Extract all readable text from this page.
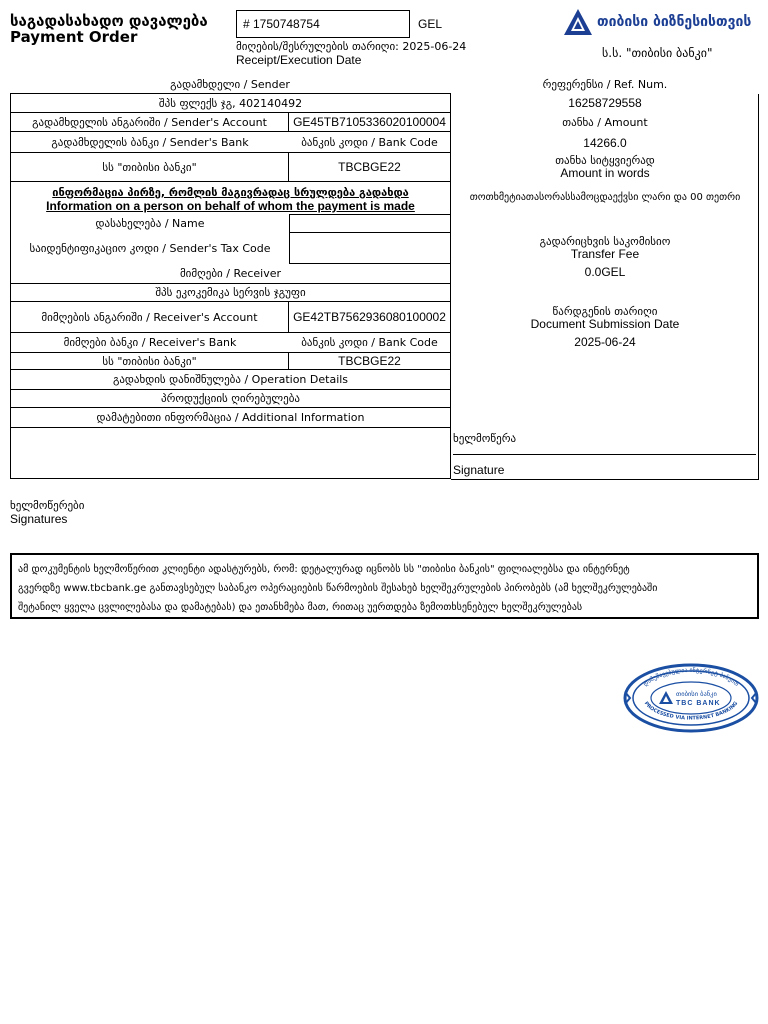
საგადასახადო დავალება
Payment Order
# 1750748754	GEL
მიღების/შესრულების თარიღი: 2025-06-24
Receipt/Execution Date
თიბისი ბიზნესისთვის
ს.ს. "თიბისი ბანკი"
გადამხდელი / Sender
შპს ფლექს ჯგ, 402140492
გადამხდელის ანგარიში / Sender's Account	GE45TB7105336020100004
გადამხდელის ბანკი / Sender's Bank	ბანკის კოდი / Bank Code
სს "თიბისი ბანკი"	TBCBGE22
ინფორმაცია პირზე, რომლის მაგივრადაც სრულდება გადახდა
Information on a person on behalf of whom the payment is made
დასახელება / Name
საიდენტიფიკაციო კოდი / Sender's Tax Code
მიმღები / Receiver
შპს ეკოკემიკა სერვის ჯგუფი
მიმღების ანგარიში / Receiver's Account	GE42TB7562936080100002
მიმღები ბანკი / Receiver's Bank	ბანკის კოდი / Bank Code
სს "თიბისი ბანკი"	TBCBGE22
გადახდის დანიშნულება / Operation Details
პროდუქციის ღირებულება
დამატებითი ინფორმაცია / Additional Information
რეფერენსი / Ref. Num.
16258729558
თანხა / Amount
14266.0
თანხა სიტყვიერად
Amount in words
თოთხმეტიათასორასსამოცდაექვსი ლარი და 00 თეთრი
გადარიცხვის საკომისიო
Transfer Fee
0.0GEL
წარდგენის თარიღი
Document Submission Date
2025-06-24
ხელმოწერა
Signature
ხელმოწერები
Signatures
ამ დოკუმენტის ხელმოწერით კლიენტი ადასტურებს, რომ: დეტალურად იცნობს სს "თიბისი ბანკის" ფილიალებსა და ინტერნეტ
გვერდზე www.tbcbank.ge განთავსებულ საბანკო ოპერაციების წარმოების შესახებ ხელშეკრულების პირობებს (ამ ხელშეკრულებაში
შეტანილ ყველა ცვლილებასა და დამატებას) და ეთანხმება მათ, რითაც უერთდება ზემოთხსენებულ ხელშეკრულებას
დამუშავებულია ინტერნეტ ბანკით
PROCESSED VIA INTERNET BANKING
თიბისი ბანკი
TBC BANK
